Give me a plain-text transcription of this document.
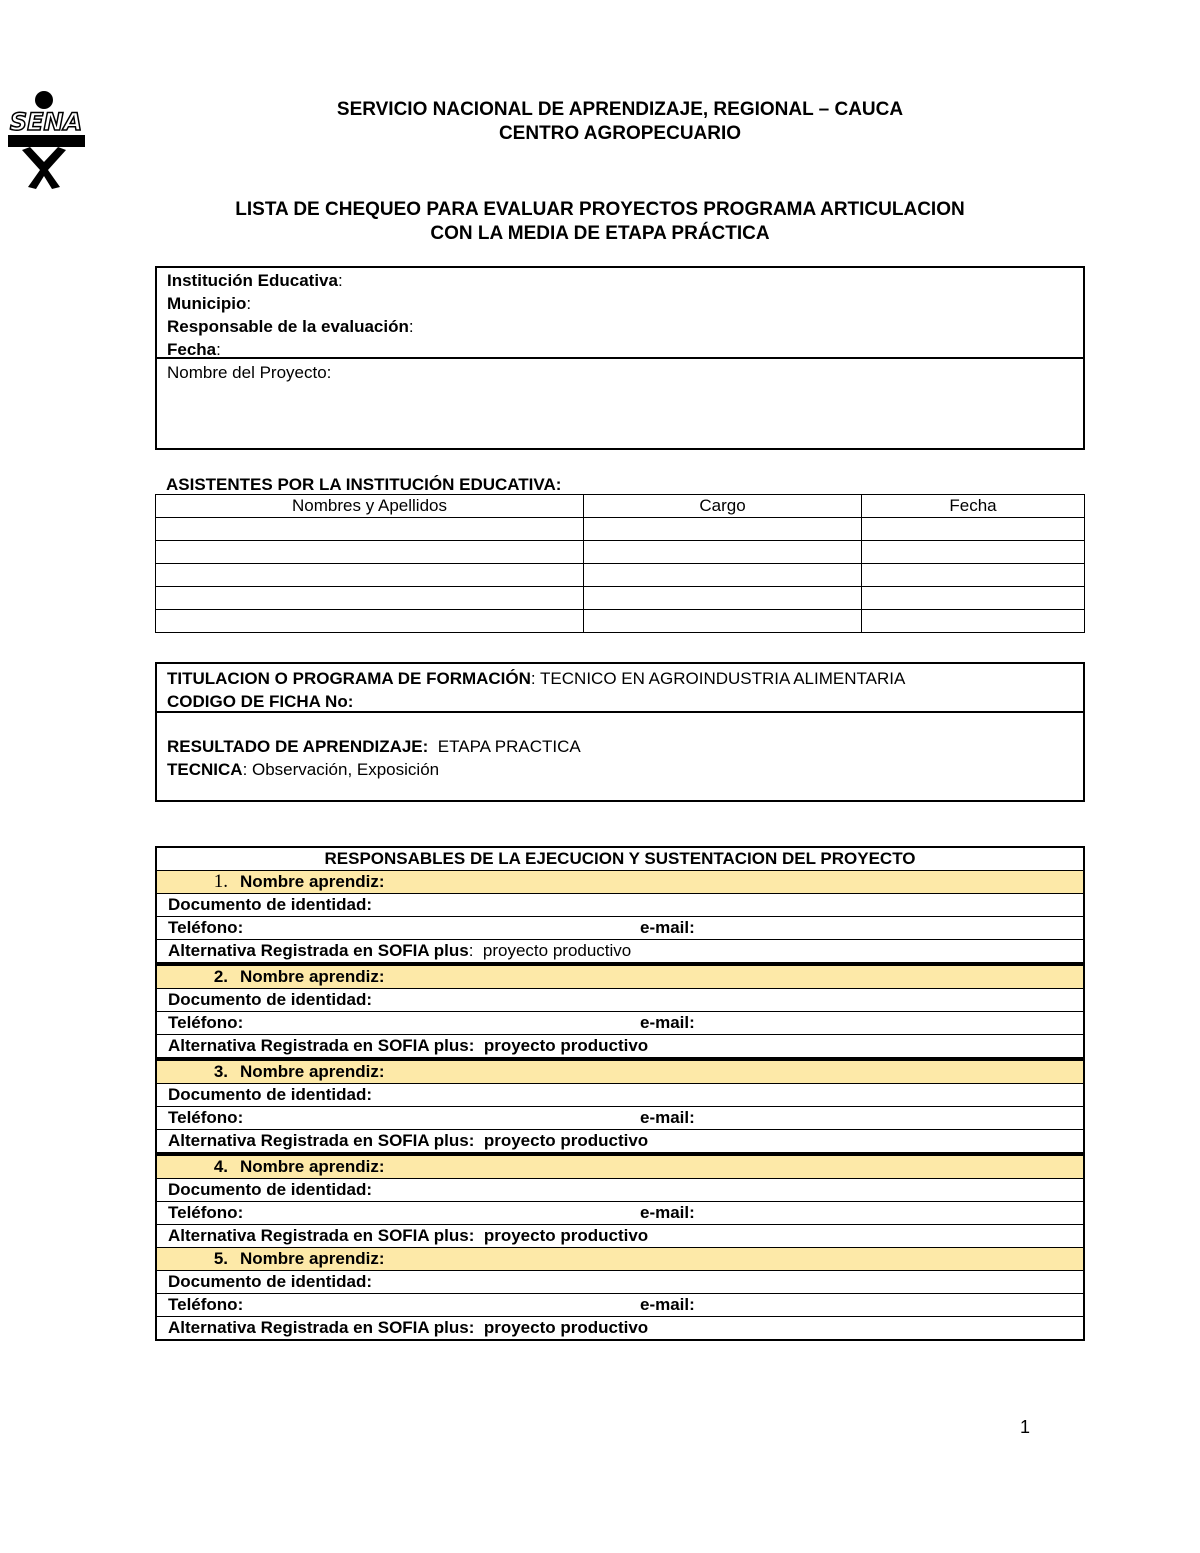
SENA	SERVICIO NACIONAL DE APRENDIZAJE, REGIONAL – CAUCA
CENTRO AGROPECUARIO
LISTA DE CHEQUEO PARA EVALUAR PROYECTOS PROGRAMA ARTICULACION
CON LA MEDIA DE ETAPA PRÁCTICA
Institución Educativa:
Municipio:
Responsable de la evaluación:
Fecha:
Nombre del Proyecto:
ASISTENTES POR LA INSTITUCIÓN EDUCATIVA:
Nombres y Apellidos	Cargo	Fecha

TITULACION O PROGRAMA DE FORMACIÓN: TECNICO EN AGROINDUSTRIA ALIMENTARIA
CODIGO DE FICHA No:
RESULTADO DE APRENDIZAJE: ETAPA PRACTICA
TECNICA: Observación, Exposición
RESPONSABLES DE LA EJECUCION Y SUSTENTACION DEL PROYECTO
1. Nombre aprendiz:
Documento de identidad:
Teléfono:	e-mail:

Alternativa Registrada en SOFIA plus:  proyecto productivo
2. Nombre aprendiz:
Documento de identidad:
Teléfono:	e-mail:

Alternativa Registrada en SOFIA plus:  proyecto productivo
3. Nombre aprendiz:
Documento de identidad:
Teléfono:	e-mail:

Alternativa Registrada en SOFIA plus:  proyecto productivo
4. Nombre aprendiz:
Documento de identidad:
Teléfono:	e-mail:

Alternativa Registrada en SOFIA plus:  proyecto productivo
5. Nombre aprendiz:
Documento de identidad:
Teléfono:	e-mail:

Alternativa Registrada en SOFIA plus:  proyecto productivo
1
